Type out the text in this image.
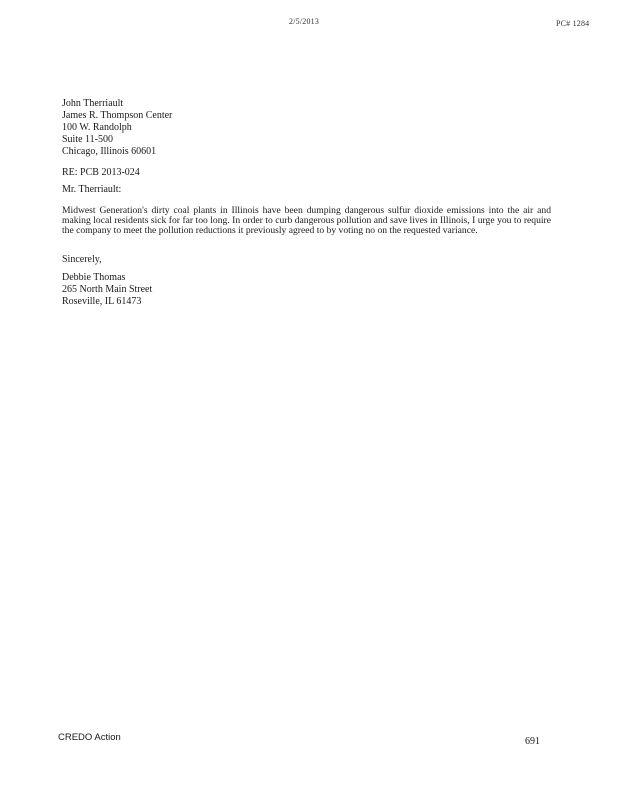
2/5/2013	PC# 1284
John Therriault
James R. Thompson Center
100 W. Randolph
Suite 11-500
Chicago, Illinois 60601
RE: PCB 2013-024
Mr. Therriault:
Midwest Generation's dirty coal plants in Illinois have been dumping dangerous sulfur dioxide emissions into the air and making local residents sick for far too long. In order to curb dangerous pollution and save lives in Illinois, I urge you to require the company to meet the pollution reductions it previously agreed to by voting no on the requested variance.
Sincerely,
Debbie Thomas
265 North Main Street
Roseville, IL 61473
CREDO Action	691
